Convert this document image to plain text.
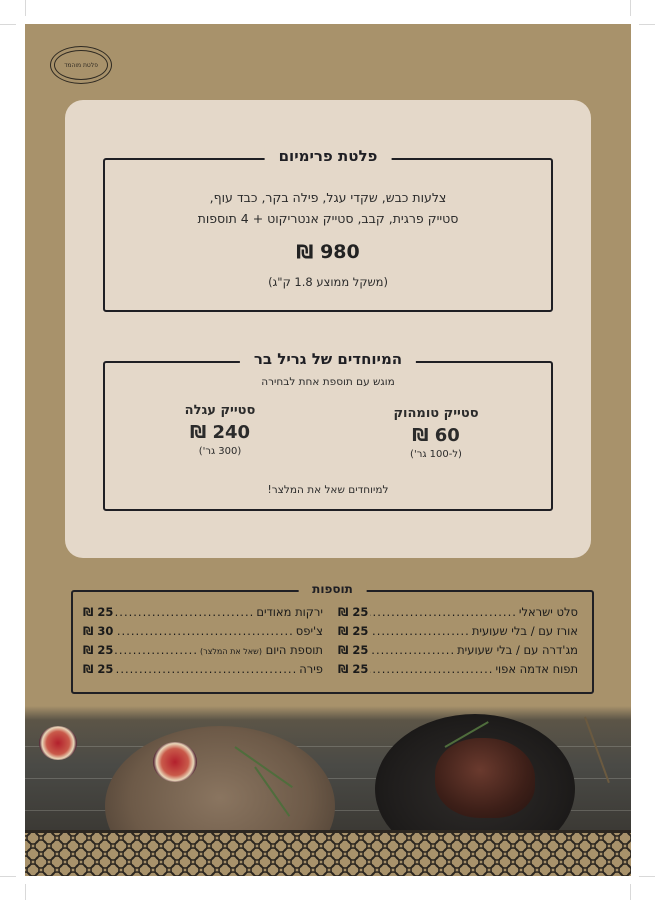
פלטת מוהמד
פלטת פרימיום
צלעות כבש, שקדי עגל, פילה בקר, כבד עוף,
סטייק פרגית, קבב, סטייק אנטריקוט + 4 תוספות
980 ₪
(משקל ממוצע 1.8 ק"ג)
המיוחדים של גריל בר
מוגש עם תוספת אחת לבחירה
סטייק טומהוק
60 ₪
(ל-100 גר')
סטייק עגלה
240 ₪
(300 גר')
למיוחדים שאל את המלצר!
תוספות
סלט ישראלי
.....
25 ₪
אורז עם / בלי שעועית
.....
25 ₪
מג'דרה עם / בלי שעועית
.....
25 ₪
תפוח אדמה אפוי
.....
25 ₪
ירקות מאודים
.....
25 ₪
צ'יפס
.....
30 ₪
תוספת היום (שאל את המלצר)
.....
25 ₪
פירה
.....
25 ₪
